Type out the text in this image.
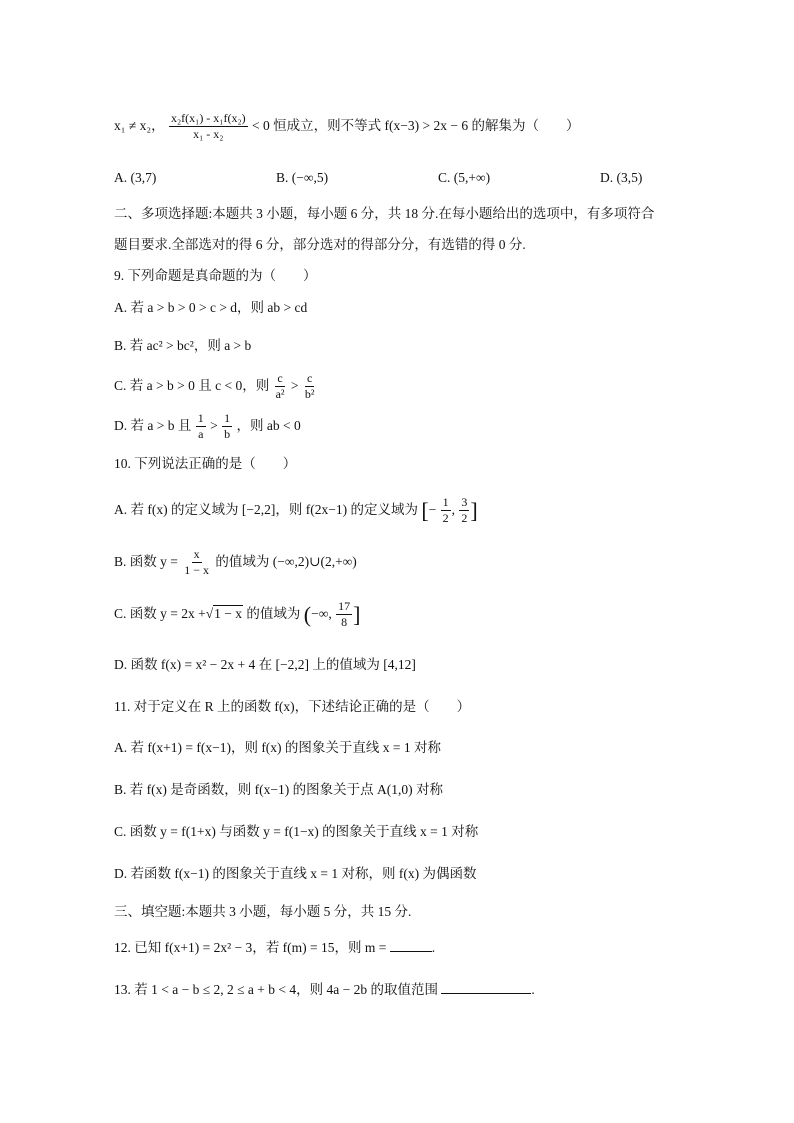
x₁ ≠ x₂， $\frac{\text{x₂f(x₁) - x₁f(x₂)}}{\text{x₁ - x₂}} < 0$ 恒成立，则不等式 f(x−3) > 2x − 6 的解集为（　　）
A. (3,7)	B. (−∞,5)	C. (5,+∞)	D. (3,5)
二、多项选择题:本题共 3 小题，每小题 6 分，共 18 分.在每小题给出的选项中，有多项符合
题目要求.全部选对的得 6 分，部分选对的得部分分，有选错的得 0 分.
9. 下列命题是真命题的为（　　）
A. 若 a > b > 0 > c > d，则 ab > cd
B. 若 ac² > bc²，则 a > b
C. 若 a > b > 0 且 c < 0，则 $\frac{c}{\text{a²}} > \frac{c}{\text{b²}}$
D. 若 a > b 且 $\frac{1}{a} > \frac{1}{b}$ ，则 ab < 0
10. 下列说法正确的是（　　）
A. 若 f(x) 的定义域为 [−2,2]，则 f(2x−1) 的定义域为 [− $\frac{1}{2}$ , $\frac{3}{2}$ ]
B. 函数 $y = \frac{x}{1 - x}$ 的值域为 (−∞,2)∪(2,+∞)
C. 函数 y = 2x +√1 − x 的值域为 (−∞, $\frac{17}{8}$ ]
D. 函数 f(x) = x² − 2x + 4 在 [−2,2] 上的值域为 [4,12]
11. 对于定义在 R 上的函数 f(x)，下述结论正确的是（　　）
A. 若 f(x+1) = f(x−1)，则 f(x) 的图象关于直线 x = 1 对称
B. 若 f(x) 是奇函数，则 f(x−1) 的图象关于点 A(1,0) 对称
C. 函数 y = f(1+x) 与函数 y = f(1−x) 的图象关于直线 x = 1 对称
D. 若函数 f(x−1) 的图象关于直线 x = 1 对称，则 f(x) 为偶函数
三、填空题:本题共 3 小题，每小题 5 分，共 15 分.
12. 已知 f(x+1) = 2x² − 3，若 f(m) = 15，则 m =	.
13. 若 1 < a − b ≤ 2, 2 ≤ a + b < 4，则 4a − 2b 的取值范围	.
